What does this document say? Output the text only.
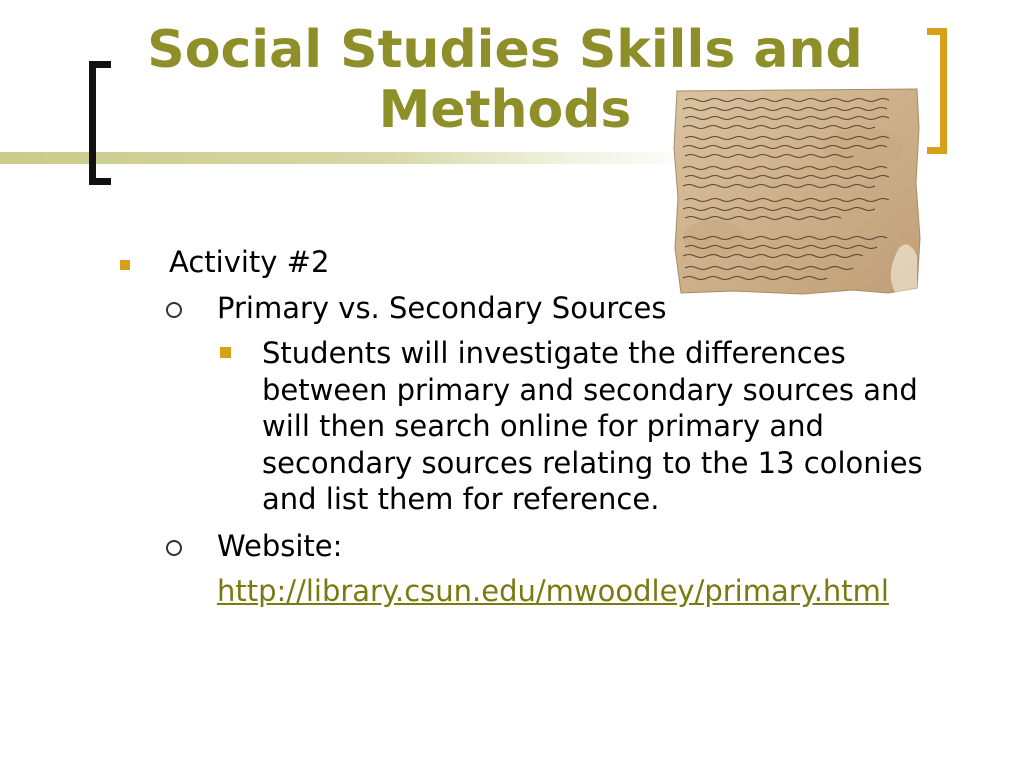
Social Studies Skills and Methods
Activity #2
Primary vs. Secondary Sources
Students will investigate the differences between primary and secondary sources and will then search online for primary and secondary sources relating to the 13 colonies and list them for reference.
Website:
http://library.csun.edu/mwoodley/primary.html
